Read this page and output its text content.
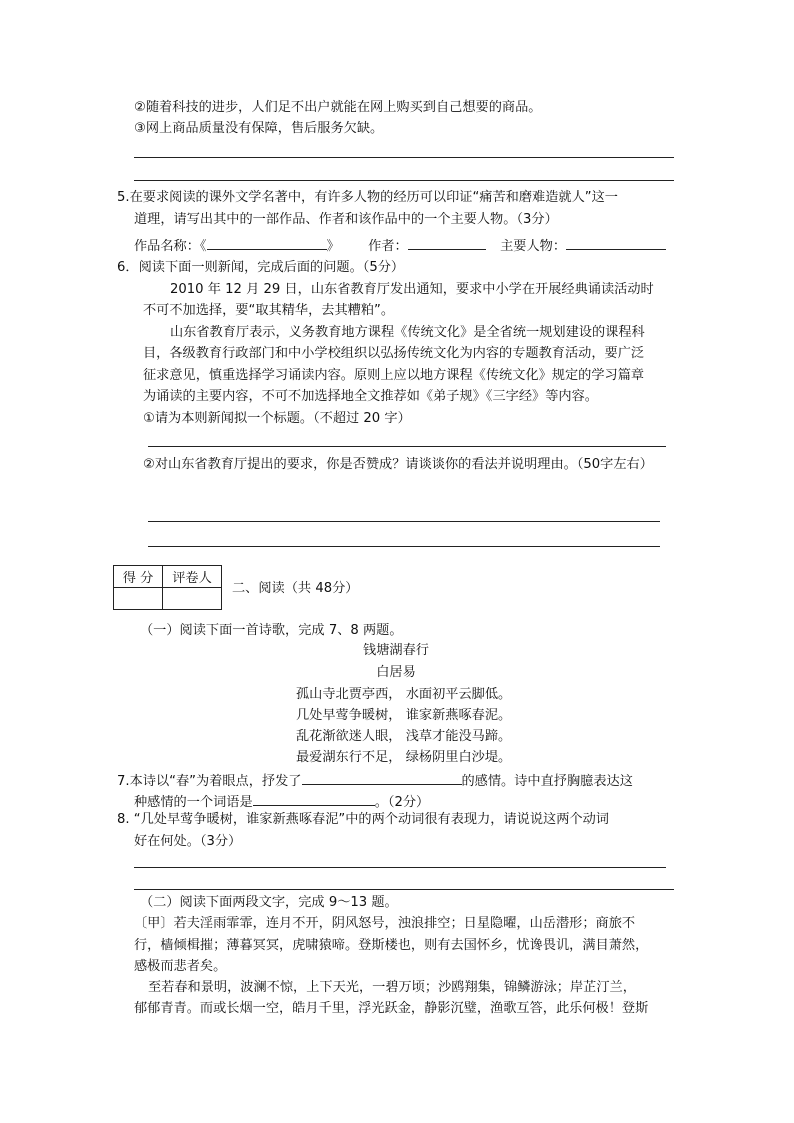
②随着科技的进步，人们足不出户就能在网上购买到自己想要的商品。
③网上商品质量没有保障，售后服务欠缺。
5.在要求阅读的课外文学名著中，有许多人物的经历可以印证“痛苦和磨难造就人”这一
道理，请写出其中的一部作品、作者和该作品中的一个主要人物。（3分）
作品名称：《	》 作者：	主要人物：
6．阅读下面一则新闻，完成后面的问题。（5分）
2010 年 12 月 29 日，山东省教育厅发出通知，要求中小学在开展经典诵读活动时
不可不加选择，要“取其精华，去其糟粕”。
山东省教育厅表示，义务教育地方课程《传统文化》是全省统一规划建设的课程科
目，各级教育行政部门和中小学校组织以弘扬传统文化为内容的专题教育活动，要广泛
征求意见，慎重选择学习诵读内容。原则上应以地方课程《传统文化》规定的学习篇章
为诵读的主要内容，不可不加选择地全文推荐如《弟子规》《三字经》等内容。
①请为本则新闻拟一个标题。（不超过 20 字）
②对山东省教育厅提出的要求，你是否赞成？请谈谈你的看法并说明理由。（50字左右）
得 分	评卷人

二、阅读（共 48分）
（一）阅读下面一首诗歌，完成 7、8 两题。
钱塘湖春行
白居易
孤山寺北贾亭西， 水面初平云脚低。
几处早莺争暖树， 谁家新燕啄春泥。
乱花渐欲迷人眼， 浅草才能没马蹄。
最爱湖东行不足， 绿杨阴里白沙堤。
7.本诗以“春”为着眼点，抒发了	的感情。诗中直抒胸臆表达这
种感情的一个词语是	。（2分）
8. “几处早莺争暖树，谁家新燕啄春泥”中的两个动词很有表现力，请说说这两个动词
好在何处。（3分）
（二）阅读下面两段文字，完成 9～13 题。
〔甲〕若夫淫雨霏霏，连月不开，阴风怒号，浊浪排空；日星隐曜，山岳潜形；商旅不
行，樯倾楫摧；薄暮冥冥，虎啸猿啼。登斯楼也，则有去国怀乡，忧谗畏讥，满目萧然，
感极而悲者矣。
至若春和景明，波澜不惊，上下天光，一碧万顷；沙鸥翔集，锦鳞游泳；岸芷汀兰，
郁郁青青。而或长烟一空，皓月千里，浮光跃金，静影沉璧，渔歌互答，此乐何极！登斯
